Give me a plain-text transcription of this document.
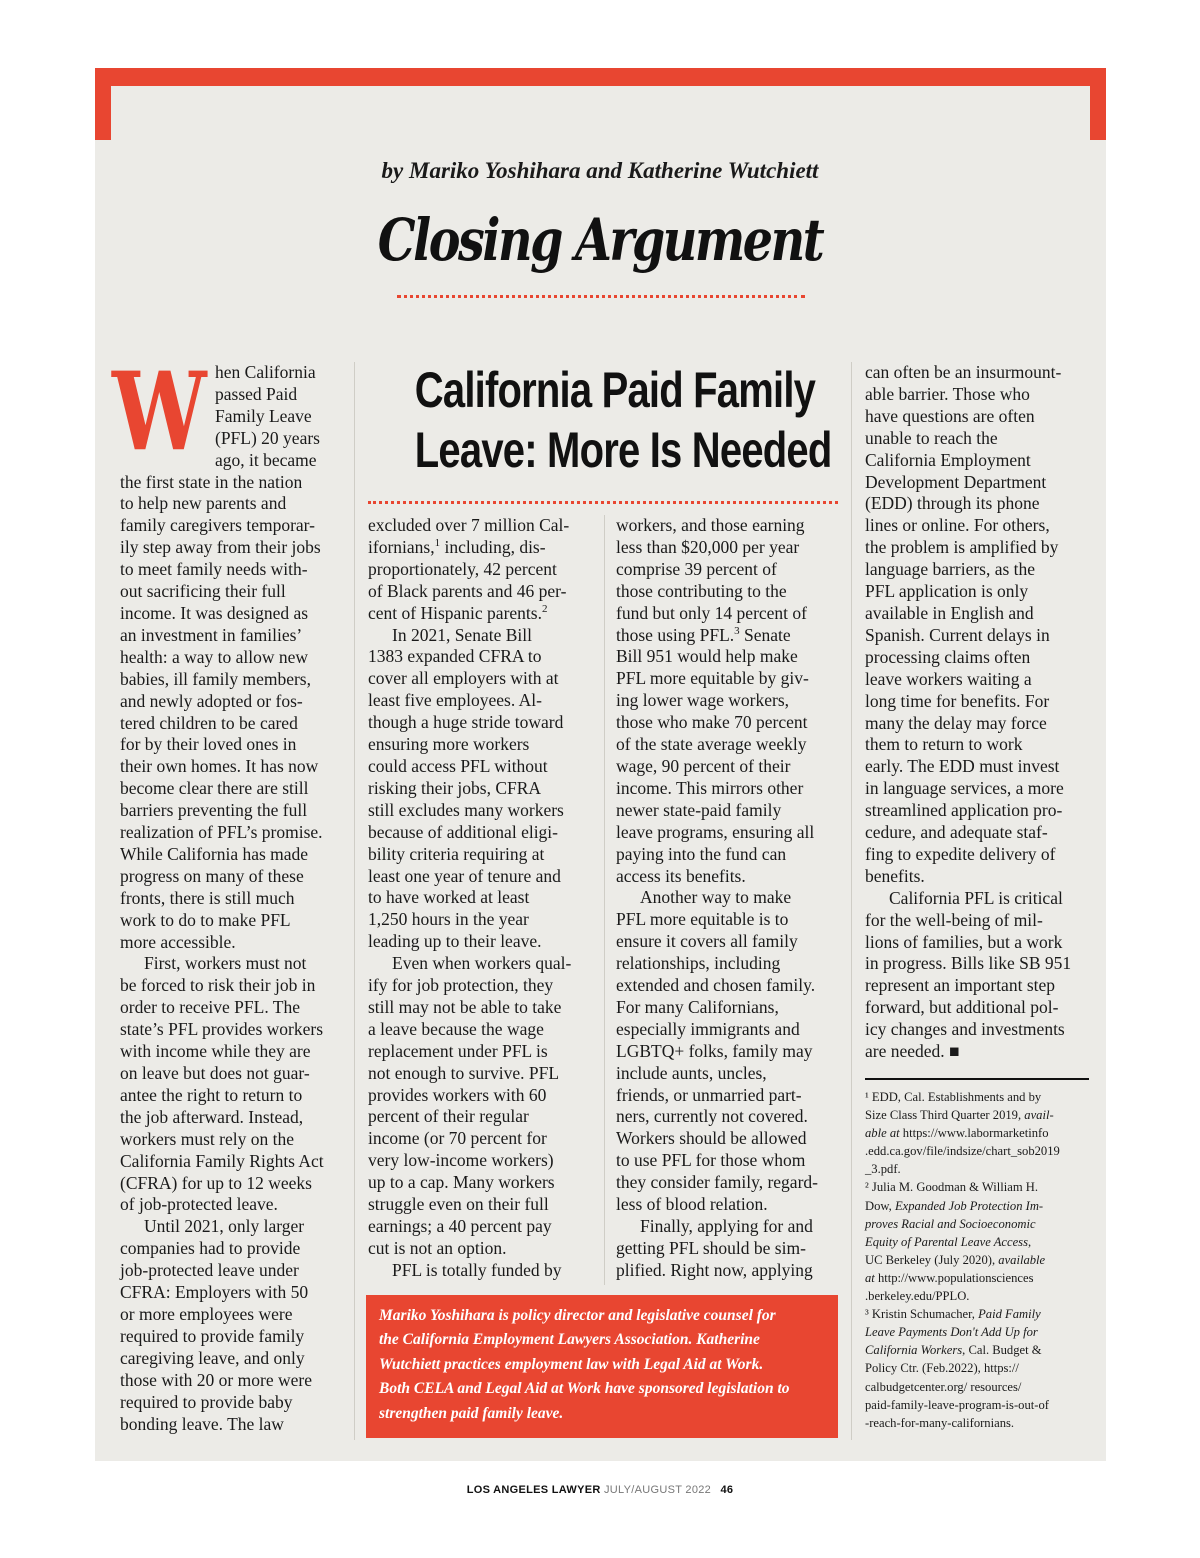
by Mariko Yoshihara and Katherine Wutchiett
Closing Argument
California Paid Family
Leave: More Is Needed
W hen California

passed Paid

Family Leave

(PFL) 20 years

ago, it became

the first state in the nation

to help new parents and

family caregivers temporar-

ily step away from their jobs

to meet family needs with-

out sacrificing their full

income. It was designed as

an investment in families’

health: a way to allow new

babies, ill family members,

and newly adopted or fos-

tered children to be cared

for by their loved ones in

their own homes. It has now

become clear there are still

barriers preventing the full

realization of PFL’s promise.

While California has made

progress on many of these

fronts, there is still much

work to do to make PFL

more accessible.

First, workers must not

be forced to risk their job in

order to receive PFL. The

state’s PFL provides workers

with income while they are

on leave but does not guar-

antee the right to return to

the job afterward. Instead,

workers must rely on the

California Family Rights Act

(CFRA) for up to 12 weeks

of job-protected leave.

Until 2021, only larger

companies had to provide

job-protected leave under

CFRA: Employers with 50

or more employees were

required to provide family

caregiving leave, and only

those with 20 or more were

required to provide baby

bonding leave. The law

excluded over 7 million Cal-

ifornians,$^1$ including, dis-

proportionately, 42 percent

of Black parents and 46 per-

cent of Hispanic parents.$^2$

In 2021, Senate Bill

1383 expanded CFRA to

cover all employers with at

least five employees. Al-

though a huge stride toward

ensuring more workers

could access PFL without

risking their jobs, CFRA

still excludes many workers

because of additional eligi-

bility criteria requiring at

least one year of tenure and

to have worked at least

1,250 hours in the year

leading up to their leave.

Even when workers qual-

ify for job protection, they

still may not be able to take

a leave because the wage

replacement under PFL is

not enough to survive. PFL

provides workers with 60

percent of their regular

income (or 70 percent for

very low-income workers)

up to a cap. Many workers

struggle even on their full

earnings; a 40 percent pay

cut is not an option.

PFL is totally funded by

workers, and those earning

less than $20,000 per year

comprise 39 percent of

those contributing to the

fund but only 14 percent of

those using PFL.$^3$ Senate

Bill 951 would help make

PFL more equitable by giv-

ing lower wage workers,

those who make 70 percent

of the state average weekly

wage, 90 percent of their

income. This mirrors other

newer state-paid family

leave programs, ensuring all

paying into the fund can

access its benefits.

Another way to make

PFL more equitable is to

ensure it covers all family

relationships, including

extended and chosen family.

For many Californians,

especially immigrants and

LGBTQ+ folks, family may

include aunts, uncles,

friends, or unmarried part-

ners, currently not covered.

Workers should be allowed

to use PFL for those whom

they consider family, regard-

less of blood relation.

Finally, applying for and

getting PFL should be sim-

plified. Right now, applying

can often be an insurmount-

able barrier. Those who

have questions are often

unable to reach the

California Employment

Development Department

(EDD) through its phone

lines or online. For others,

the problem is amplified by

language barriers, as the

PFL application is only

available in English and

Spanish. Current delays in

processing claims often

leave workers waiting a

long time for benefits. For

many the delay may force

them to return to work

early. The EDD must invest

in language services, a more

streamlined application pro-

cedure, and adequate staf-

fing to expedite delivery of

benefits.

California PFL is critical

for the well-being of mil-

lions of families, but a work

in progress. Bills like SB 951

represent an important step

forward, but additional pol-

icy changes and investments

are needed. ■

¹ EDD, Cal. Establishments and by

Size Class Third Quarter 2019, avail-

able at https://www.labormarketinfo

.edd.ca.gov/file/indsize/chart_sob2019

_3.pdf.

² Julia M. Goodman & William H.

Dow, Expanded Job Protection Im-

proves Racial and Socioeconomic

Equity of Parental Leave Access,

UC Berkeley (July 2020), available

at http://www.populationsciences

.berkeley.edu/PPLO.

³ Kristin Schumacher, Paid Family

Leave Payments Don't Add Up for

California Workers, Cal. Budget &

Policy Ctr. (Feb.2022), https://

calbudgetcenter.org/ resources/

paid-family-leave-program-is-out-of

-reach-for-many-californians.

Mariko Yoshihara is policy director and legislative counsel for

the California Employment Lawyers Association. Katherine

Wutchiett practices employment law with Legal Aid at Work.

Both CELA and Legal Aid at Work have sponsored legislation to

strengthen paid family leave.

LOS ANGELES LAWYER JULY/AUGUST 2022 46
